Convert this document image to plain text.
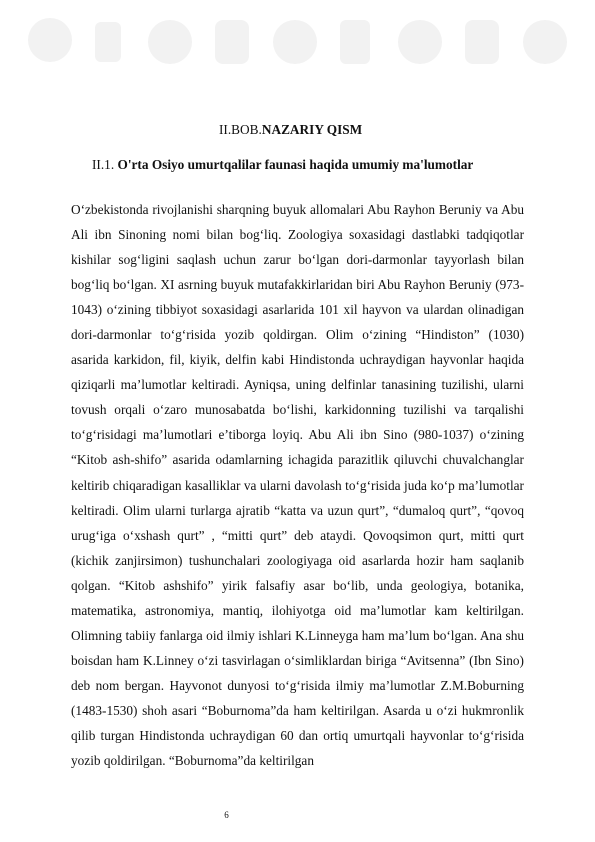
II.BOB.NAZARIY QISM
II.1. O'rta Osiyo umurtqalilar faunasi haqida umumiy ma'lumotlar

O‘zbekistonda rivojlanishi sharqning buyuk allomalari Abu Rayhon Beruniy va Abu Ali ibn Sinoning nomi bilan bog‘liq. Zoologiya soxasidagi dastlabki tadqiqotlar kishilar sog‘ligini saqlash uchun zarur bo‘lgan dori-darmonlar tayyorlash bilan bog‘liq bo‘lgan. XI asrning buyuk mutafakkirlaridan biri Abu Rayhon Beruniy (973-1043) o‘zining tibbiyot soxasidagi asarlarida 101 xil hayvon va ulardan olinadigan dori-darmonlar to‘g‘risida yozib qoldirgan. Olim o‘zining “Hindiston” (1030) asarida karkidon, fil, kiyik, delfin kabi Hindistonda uchraydigan hayvonlar haqida qiziqarli ma’lumotlar keltiradi. Ayniqsa, uning delfinlar tanasining tuzilishi, ularni tovush orqali o‘zaro munosabatda bo‘lishi, karkidonning tuzilishi va tarqalishi to‘g‘risidagi ma’lumotlari e’tiborga loyiq. Abu Ali ibn Sino (980-1037) o‘zining “Kitob ash-shifo” asarida odamlarning ichagida parazitlik qiluvchi chuvalchanglar keltirib chiqaradigan kasalliklar va ularni davolash to‘g‘risida juda ko‘p ma’lumotlar keltiradi. Olim ularni turlarga ajratib “katta va uzun qurt”, “dumaloq qurt”, “qovoq urug‘iga o‘xshash qurt” , “mitti qurt” deb ataydi. Qovoqsimon qurt, mitti qurt (kichik zanjirsimon) tushunchalari zoologiyaga oid asarlarda hozir ham saqlanib qolgan. “Kitob ashshifo” yirik falsafiy asar bo‘lib, unda geologiya, botanika, matematika, astronomiya, mantiq, ilohiyotga oid ma’lumotlar kam keltirilgan. Olimning tabiiy fanlarga oid ilmiy ishlari K.Linneyga ham ma’lum bo‘lgan. Ana shu boisdan ham K.Linney o‘zi tasvirlagan o‘simliklardan biriga “Avitsenna” (Ibn Sino) deb nom bergan. Hayvonot dunyosi to‘g‘risida ilmiy ma’lumotlar Z.M.Boburning (1483-1530) shoh asari “Boburnoma”da ham keltirilgan. Asarda u o‘zi hukmronlik qilib turgan Hindistonda uchraydigan 60 dan ortiq umurtqali hayvonlar to‘g‘risida yozib qoldirilgan. “Boburnoma”da keltirilgan

6
